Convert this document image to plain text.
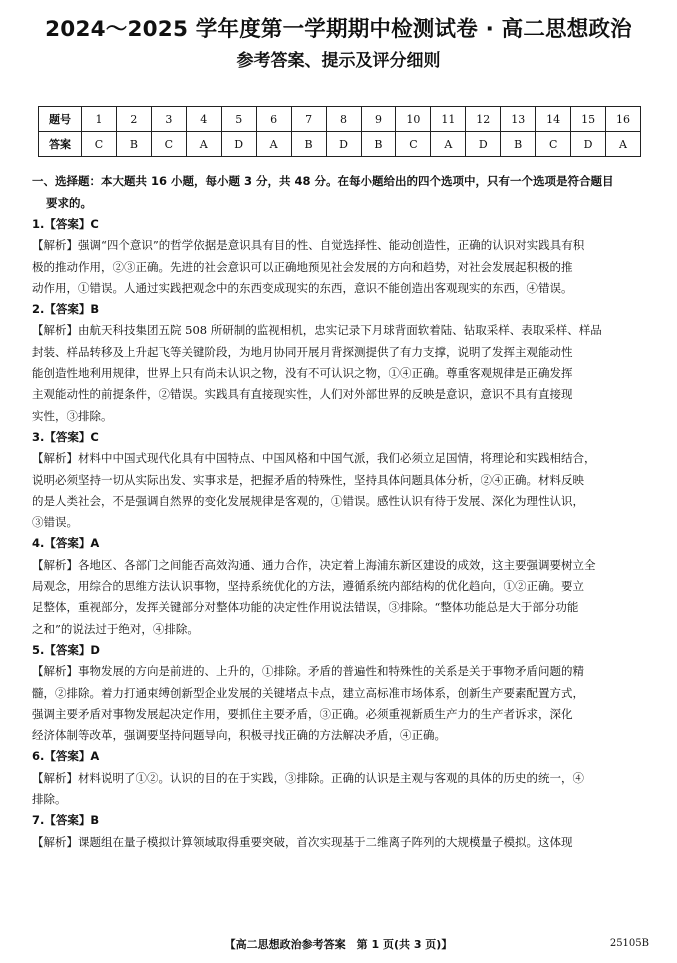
2024～2025 学年度第一学期期中检测试卷 · 高二思想政治
参考答案、提示及评分细则
题号	1	2	3	4	5	6	7	8	9	10	11	12	13	14	15	16
答案	C	B	C	A	D	A	B	D	B	C	A	D	B	C	D	A
一、选择题：本大题共 16 小题，每小题 3 分，共 48 分。在每小题给出的四个选项中，只有一个选项是符合题目
要求的。
1.【答案】C
【解析】强调“四个意识”的哲学依据是意识具有目的性、自觉选择性、能动创造性，正确的认识对实践具有积
极的推动作用，②③正确。先进的社会意识可以正确地预见社会发展的方向和趋势，对社会发展起积极的推
动作用，①错误。人通过实践把观念中的东西变成现实的东西，意识不能创造出客观现实的东西，④错误。
2.【答案】B
【解析】由航天科技集团五院 508 所研制的监视相机，忠实记录下月球背面软着陆、钻取采样、表取采样、样品
封装、样品转移及上升起飞等关键阶段，为地月协同开展月背探测提供了有力支撑，说明了发挥主观能动性
能创造性地利用规律，世界上只有尚未认识之物，没有不可认识之物，①④正确。尊重客观规律是正确发挥
主观能动性的前提条件，②错误。实践具有直接现实性，人们对外部世界的反映是意识，意识不具有直接现
实性，③排除。
3.【答案】C
【解析】材料中中国式现代化具有中国特点、中国风格和中国气派，我们必须立足国情，将理论和实践相结合，
说明必须坚持一切从实际出发、实事求是，把握矛盾的特殊性，坚持具体问题具体分析，②④正确。材料反映
的是人类社会，不是强调自然界的变化发展规律是客观的，①错误。感性认识有待于发展、深化为理性认识，
③错误。
4.【答案】A
【解析】各地区、各部门之间能否高效沟通、通力合作，决定着上海浦东新区建设的成效，这主要强调要树立全
局观念，用综合的思维方法认识事物，坚持系统优化的方法，遵循系统内部结构的优化趋向，①②正确。要立
足整体，重视部分，发挥关键部分对整体功能的决定性作用说法错误，③排除。“整体功能总是大于部分功能
之和”的说法过于绝对，④排除。
5.【答案】D
【解析】事物发展的方向是前进的、上升的，①排除。矛盾的普遍性和特殊性的关系是关于事物矛盾问题的精
髓，②排除。着力打通束缚创新型企业发展的关键堵点卡点，建立高标准市场体系，创新生产要素配置方式，
强调主要矛盾对事物发展起决定作用，要抓住主要矛盾，③正确。必须重视新质生产力的生产者诉求，深化
经济体制等改革，强调要坚持问题导向，积极寻找正确的方法解决矛盾，④正确。
6.【答案】A
【解析】材料说明了①②。认识的目的在于实践，③排除。正确的认识是主观与客观的具体的历史的统一，④
排除。
7.【答案】B
【解析】课题组在量子模拟计算领域取得重要突破，首次实现基于二维离子阵列的大规模量子模拟。这体现
【高二思想政治参考答案　第 1 页(共 3 页)】	25105B
